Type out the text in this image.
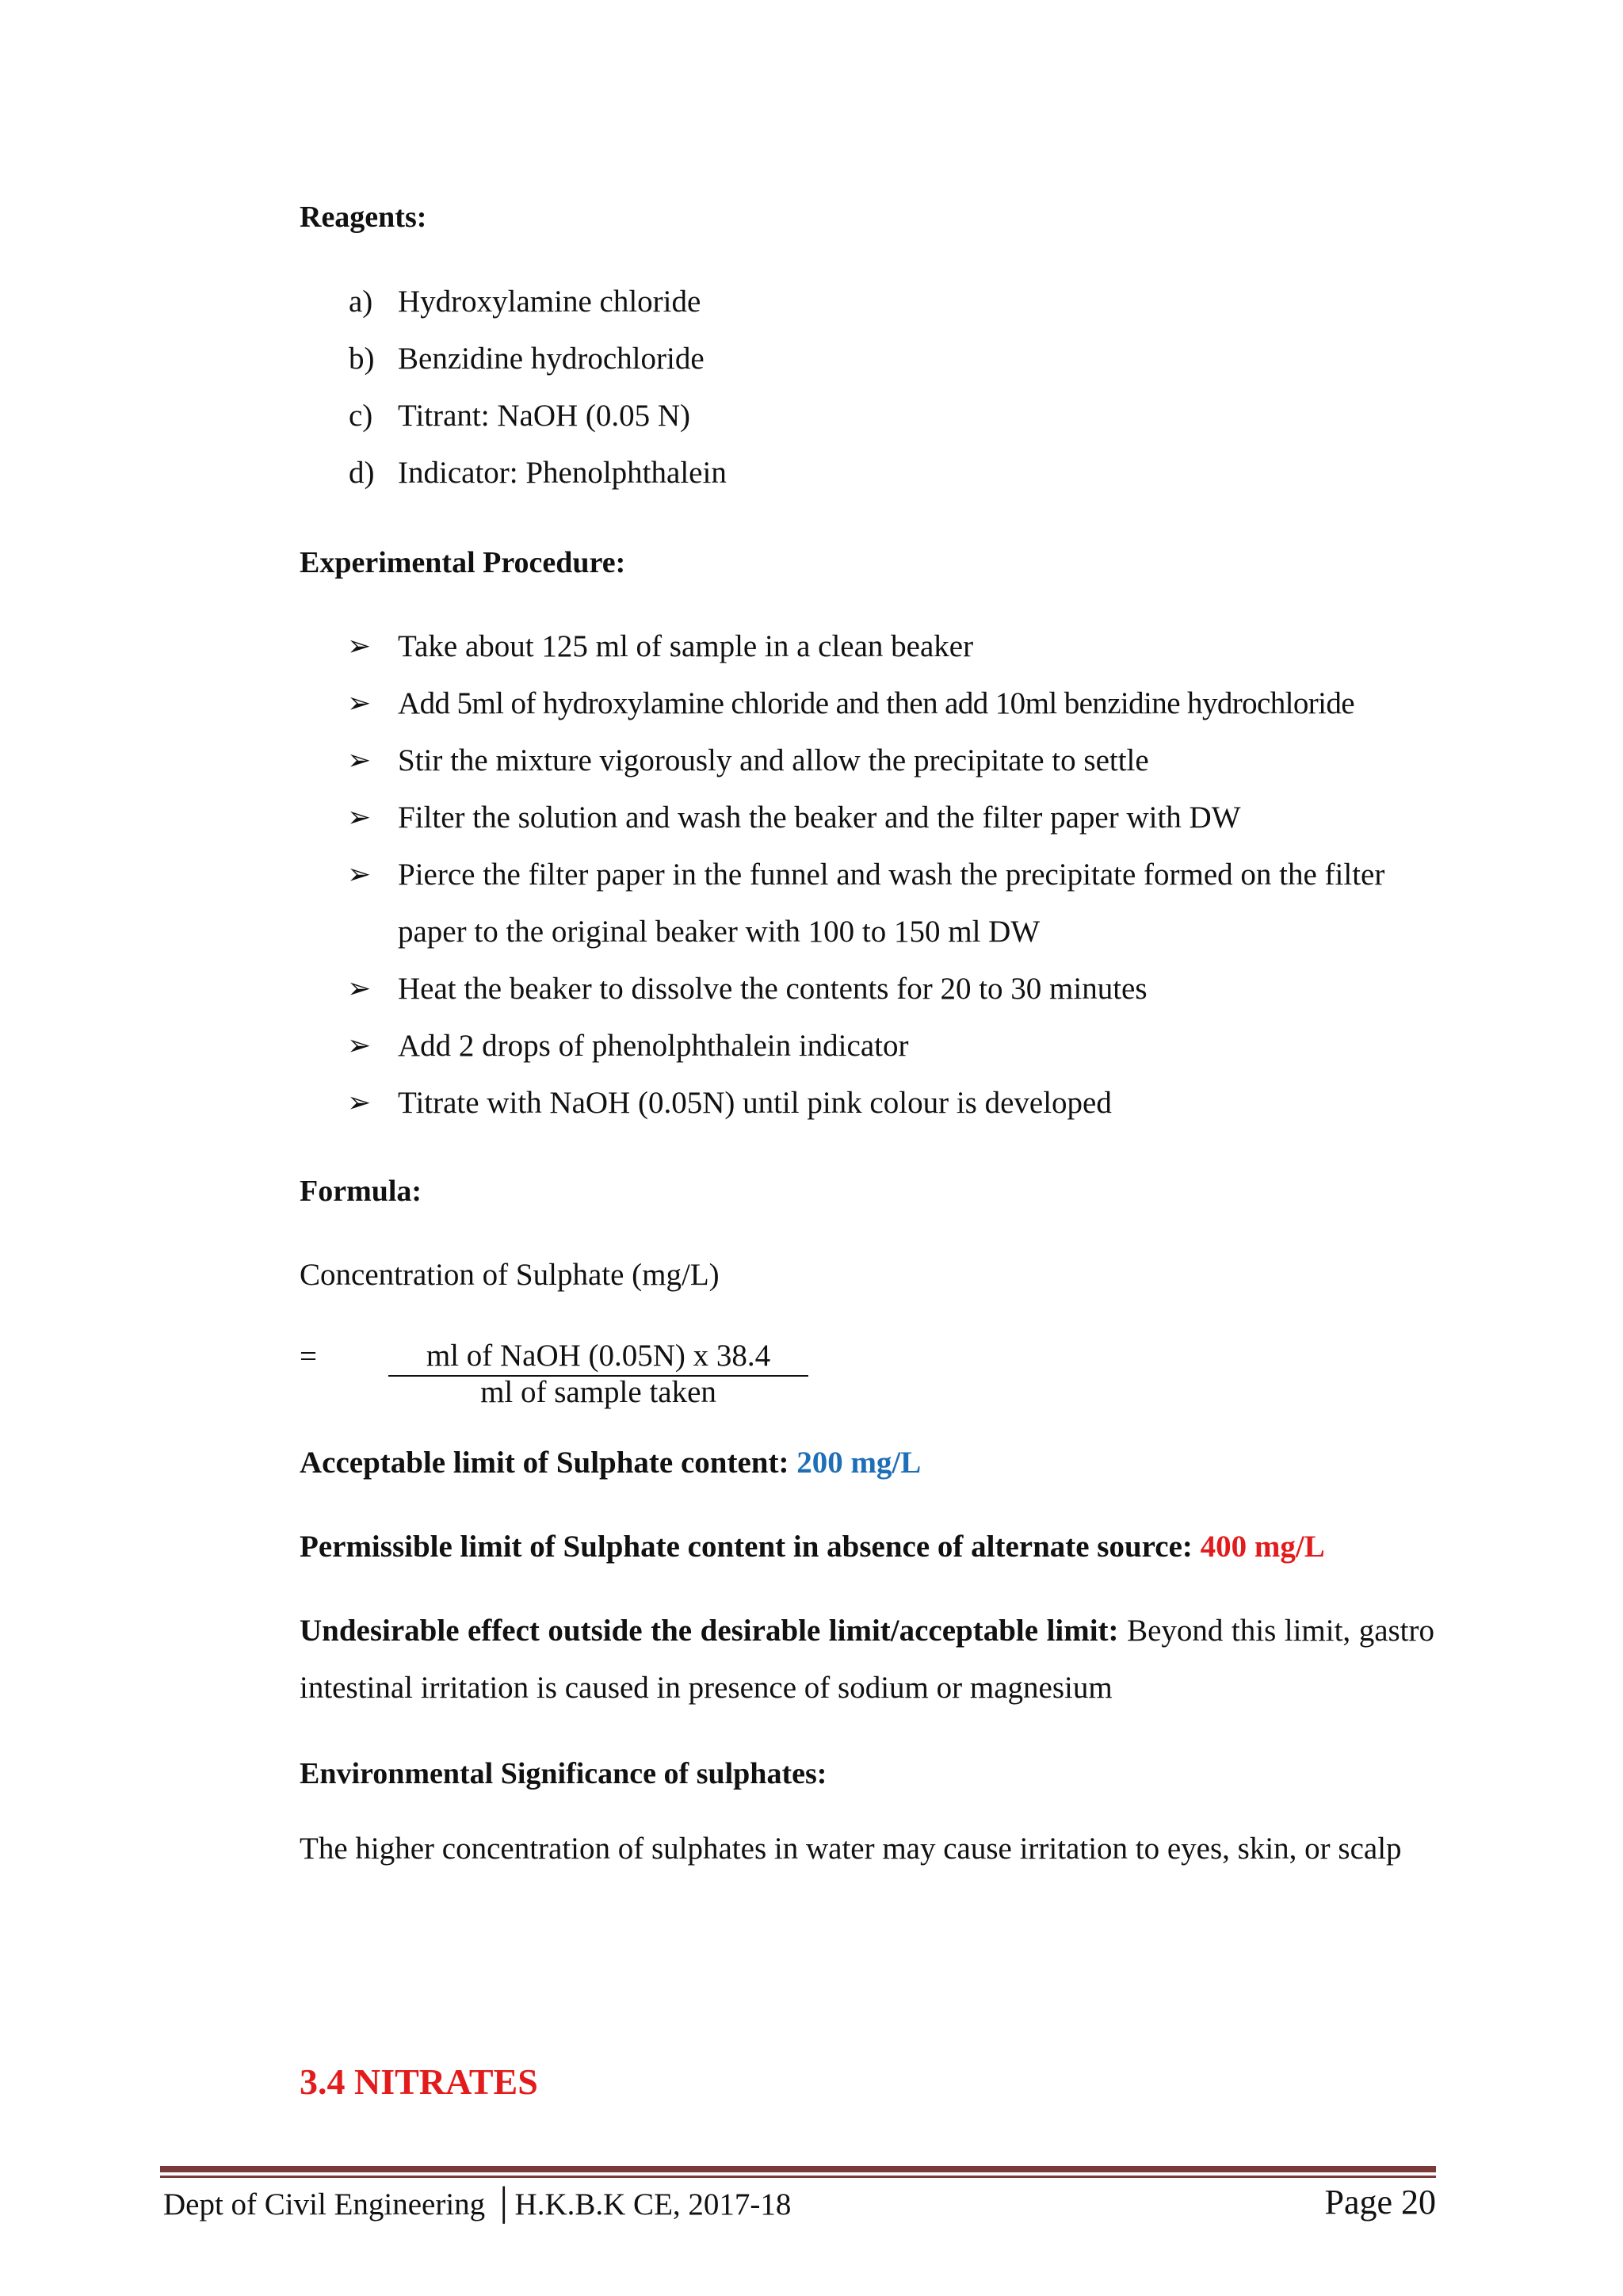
Reagents:
a) Hydroxylamine chloride
b) Benzidine hydrochloride
c) Titrant: NaOH (0.05 N)
d) Indicator: Phenolphthalein
Experimental Procedure:
➢ Take about 125 ml of sample in a clean beaker
➢ Add 5ml of hydroxylamine chloride and then add 10ml benzidine hydrochloride
➢ Stir the mixture vigorously and allow the precipitate to settle
➢ Filter the solution and wash the beaker and the filter paper with DW
➢ Pierce the filter paper in the funnel and wash the precipitate formed on the filter
paper to the original beaker with 100 to 150 ml DW
➢ Heat the beaker to dissolve the contents for 20 to 30 minutes
➢ Add 2 drops of phenolphthalein indicator
➢ Titrate with NaOH (0.05N) until pink colour is developed
Formula:
Concentration of Sulphate (mg/L)
=	ml of NaOH (0.05N) x 38.4
ml of sample taken
Acceptable limit of Sulphate content: 200 mg/L
Permissible limit of Sulphate content in absence of alternate source: 400 mg/L
Undesirable effect outside the desirable limit/acceptable limit: Beyond this limit, gastro intestinal irritation is caused in presence of sodium or magnesium
Environmental Significance of sulphates:
The higher concentration of sulphates in water may cause irritation to eyes, skin, or scalp
3.4 NITRATES
Dept of Civil Engineering │H.K.B.K CE, 2017-18	Page 20
